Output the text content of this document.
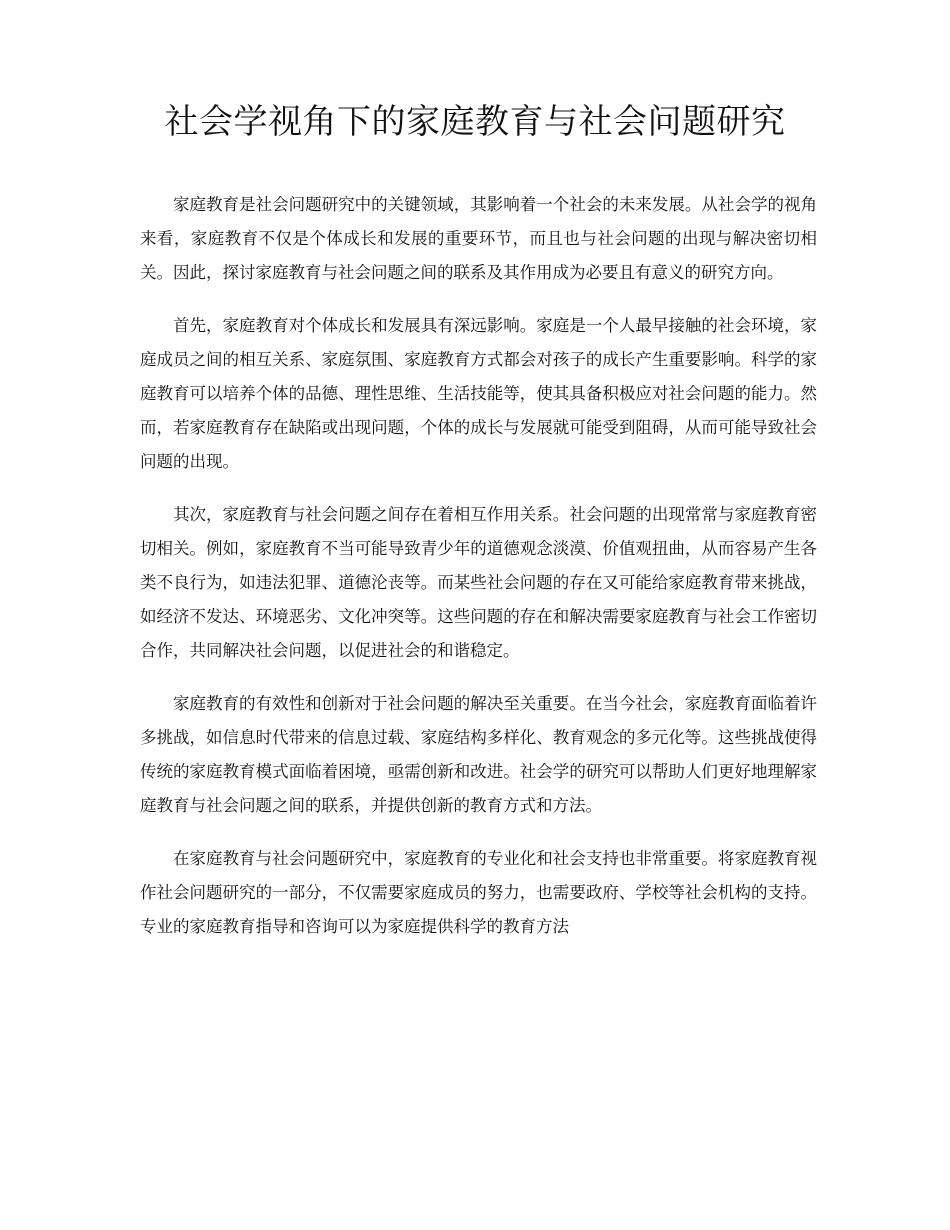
社会学视角下的家庭教育与社会问题研究

家庭教育是社会问题研究中的关键领域，其影响着一个社会的未来发展。从社会学的视角来看，家庭教育不仅是个体成长和发展的重要环节，而且也与社会问题的出现与解决密切相关。因此，探讨家庭教育与社会问题之间的联系及其作用成为必要且有意义的研究方向。

首先，家庭教育对个体成长和发展具有深远影响。家庭是一个人最早接触的社会环境，家庭成员之间的相互关系、家庭氛围、家庭教育方式都会对孩子的成长产生重要影响。科学的家庭教育可以培养个体的品德、理性思维、生活技能等，使其具备积极应对社会问题的能力。然而，若家庭教育存在缺陷或出现问题，个体的成长与发展就可能受到阻碍，从而可能导致社会问题的出现。

其次，家庭教育与社会问题之间存在着相互作用关系。社会问题的出现常常与家庭教育密切相关。例如，家庭教育不当可能导致青少年的道德观念淡漠、价值观扭曲，从而容易产生各类不良行为，如违法犯罪、道德沦丧等。而某些社会问题的存在又可能给家庭教育带来挑战，如经济不发达、环境恶劣、文化冲突等。这些问题的存在和解决需要家庭教育与社会工作密切合作，共同解决社会问题，以促进社会的和谐稳定。

家庭教育的有效性和创新对于社会问题的解决至关重要。在当今社会，家庭教育面临着许多挑战，如信息时代带来的信息过载、家庭结构多样化、教育观念的多元化等。这些挑战使得传统的家庭教育模式面临着困境，亟需创新和改进。社会学的研究可以帮助人们更好地理解家庭教育与社会问题之间的联系，并提供创新的教育方式和方法。

在家庭教育与社会问题研究中，家庭教育的专业化和社会支持也非常重要。将家庭教育视作社会问题研究的一部分，不仅需要家庭成员的努力，也需要政府、学校等社会机构的支持。专业的家庭教育指导和咨询可以为家庭提供科学的教育方法
